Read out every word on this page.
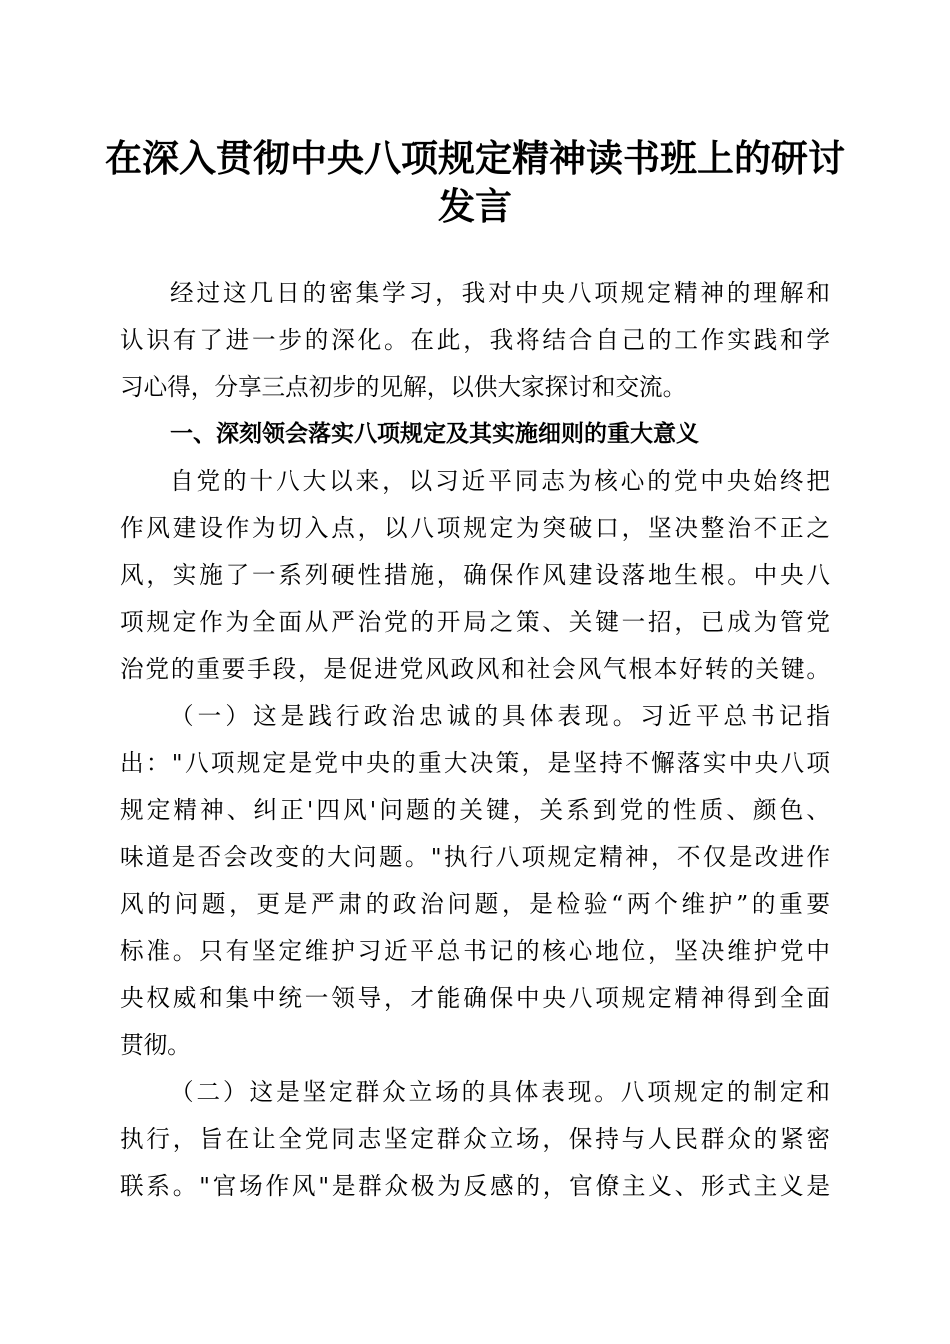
在深入贯彻中央八项规定精神读书班上的研讨
发言
经过这几日的密集学习，我对中央八项规定精神的理解和
认识有了进一步的深化。在此，我将结合自己的工作实践和学
习心得，分享三点初步的见解，以供大家探讨和交流。
一、深刻领会落实八项规定及其实施细则的重大意义
自党的十八大以来，以习近平同志为核心的党中央始终把
作风建设作为切入点，以八项规定为突破口，坚决整治不正之
风，实施了一系列硬性措施，确保作风建设落地生根。中央八
项规定作为全面从严治党的开局之策、关键一招，已成为管党
治党的重要手段，是促进党风政风和社会风气根本好转的关键。
（一）这是践行政治忠诚的具体表现。习近平总书记指
出："八项规定是党中央的重大决策，是坚持不懈落实中央八项
规定精神、纠正'四风'问题的关键，关系到党的性质、颜色、
味道是否会改变的大问题。"执行八项规定精神，不仅是改进作
风的问题，更是严肃的政治问题，是检验“两个维护”的重要
标准。只有坚定维护习近平总书记的核心地位，坚决维护党中
央权威和集中统一领导，才能确保中央八项规定精神得到全面
贯彻。
（二）这是坚定群众立场的具体表现。八项规定的制定和
执行，旨在让全党同志坚定群众立场，保持与人民群众的紧密
联系。"官场作风"是群众极为反感的，官僚主义、形式主义是
